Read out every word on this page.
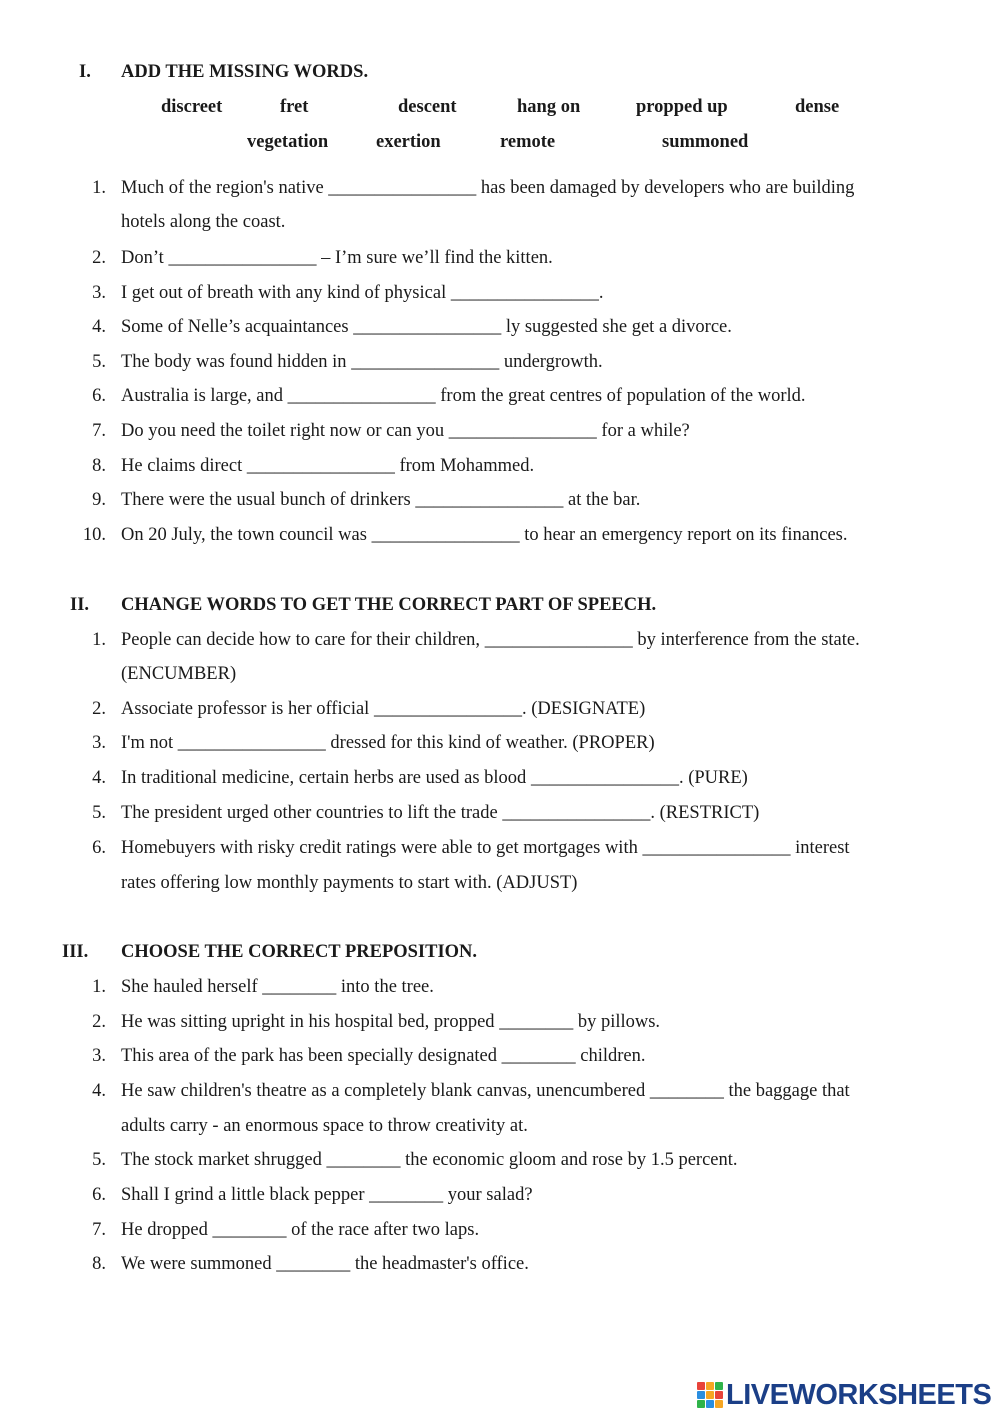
I. ADD THE MISSING WORDS.
discreet	fret	descent	hang on	propped up	dense
vegetation	exertion	remote	summoned
1. Much of the region's native ________________ has been damaged by developers who are building
hotels along the coast.
2. Don’t ________________ – I’m sure we’ll find the kitten.
3. I get out of breath with any kind of physical ________________.
4. Some of Nelle’s acquaintances ________________ ly suggested she get a divorce.
5. The body was found hidden in ________________ undergrowth.
6. Australia is large, and ________________ from the great centres of population of the world.
7. Do you need the toilet right now or can you ________________ for a while?
8. He claims direct ________________ from Mohammed.
9. There were the usual bunch of drinkers ________________ at the bar.
10. On 20 July, the town council was ________________ to hear an emergency report on its finances.
II. CHANGE WORDS TO GET THE CORRECT PART OF SPEECH.
1. People can decide how to care for their children, ________________ by interference from the state.
(ENCUMBER)
2. Associate professor is her official ________________. (DESIGNATE)
3. I'm not ________________ dressed for this kind of weather. (PROPER)
4. In traditional medicine, certain herbs are used as blood ________________. (PURE)
5. The president urged other countries to lift the trade ________________. (RESTRICT)
6. Homebuyers with risky credit ratings were able to get mortgages with ________________ interest
rates offering low monthly payments to start with. (ADJUST)
III. CHOOSE THE CORRECT PREPOSITION.
1. She hauled herself ________ into the tree.
2. He was sitting upright in his hospital bed, propped ________ by pillows.
3. This area of the park has been specially designated ________ children.
4. He saw children's theatre as a completely blank canvas, unencumbered ________ the baggage that
adults carry - an enormous space to throw creativity at.
5. The stock market shrugged ________ the economic gloom and rose by 1.5 percent.
6. Shall I grind a little black pepper ________ your salad?
7. He dropped ________ of the race after two laps.
8. We were summoned ________ the headmaster's office.
LIVEWORKSHEETS
